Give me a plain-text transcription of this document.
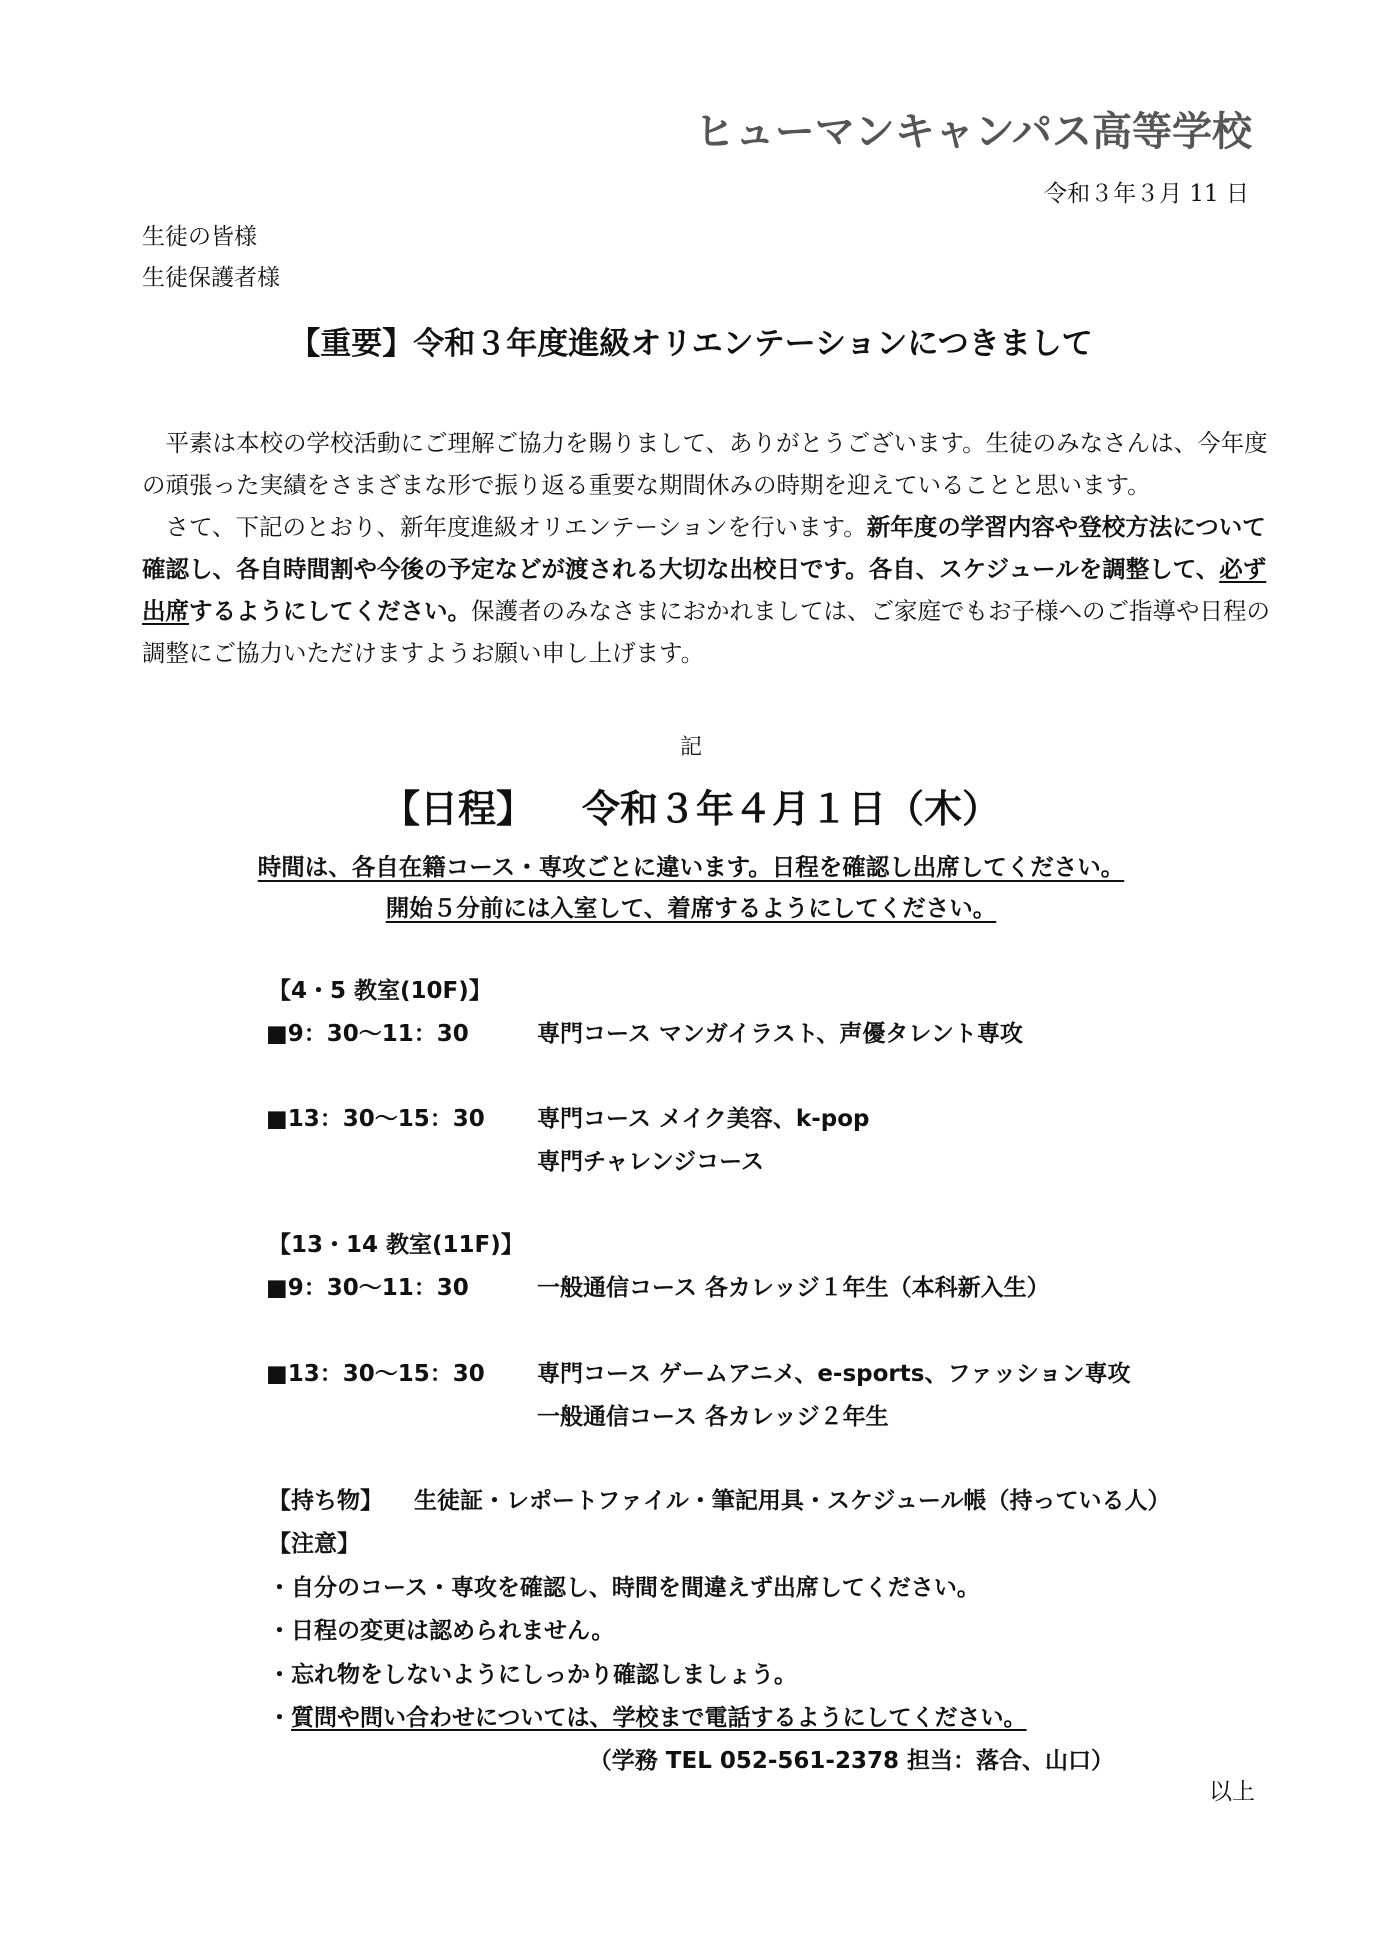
ヒューマンキャンパス高等学校
令和３年３月 11 日
生徒の皆様
生徒保護者様
【重要】令和３年度進級オリエンテーションにつきまして

平素は本校の学校活動にご理解ご協力を賜りまして、ありがとうございます。生徒のみなさんは、今年度の頑張った実績をさまざまな形で振り返る重要な期間休みの時期を迎えていることと思います。

さて、下記のとおり、新年度進級オリエンテーションを行います。新年度の学習内容や登校方法について確認し、各自時間割や今後の予定などが渡される大切な出校日です。各自、スケジュールを調整して、必ず出席するようにしてください。保護者のみなさまにおかれましては、ご家庭でもお子様へのご指導や日程の調整にご協力いただけますようお願い申し上げます。

記
【日程】 令和３年４月１日（木）
時間は、各自在籍コース・専攻ごとに違います。日程を確認し出席してください。
開始５分前には入室して、着席するようにしてください。
【4・5 教室(10F)】
■9：30～11：30	専門コース マンガイラスト、声優タレント専攻
■13：30～15：30 専門コース メイク美容、k-pop
専門チャレンジコース
【13・14 教室(11F)】
■9：30～11：30	一般通信コース 各カレッジ１年生（本科新入生）
■13：30～15：30 専門コース ゲームアニメ、e-sports、ファッション専攻
一般通信コース 各カレッジ２年生
【持ち物】 生徒証・レポートファイル・筆記用具・スケジュール帳（持っている人）
【注意】
・自分のコース・専攻を確認し、時間を間違えず出席してください。
・日程の変更は認められません。
・忘れ物をしないようにしっかり確認しましょう。
・質問や問い合わせについては、学校まで電話するようにしてください。
（学務 TEL 052-561-2378 担当：落合、山口）
以上
